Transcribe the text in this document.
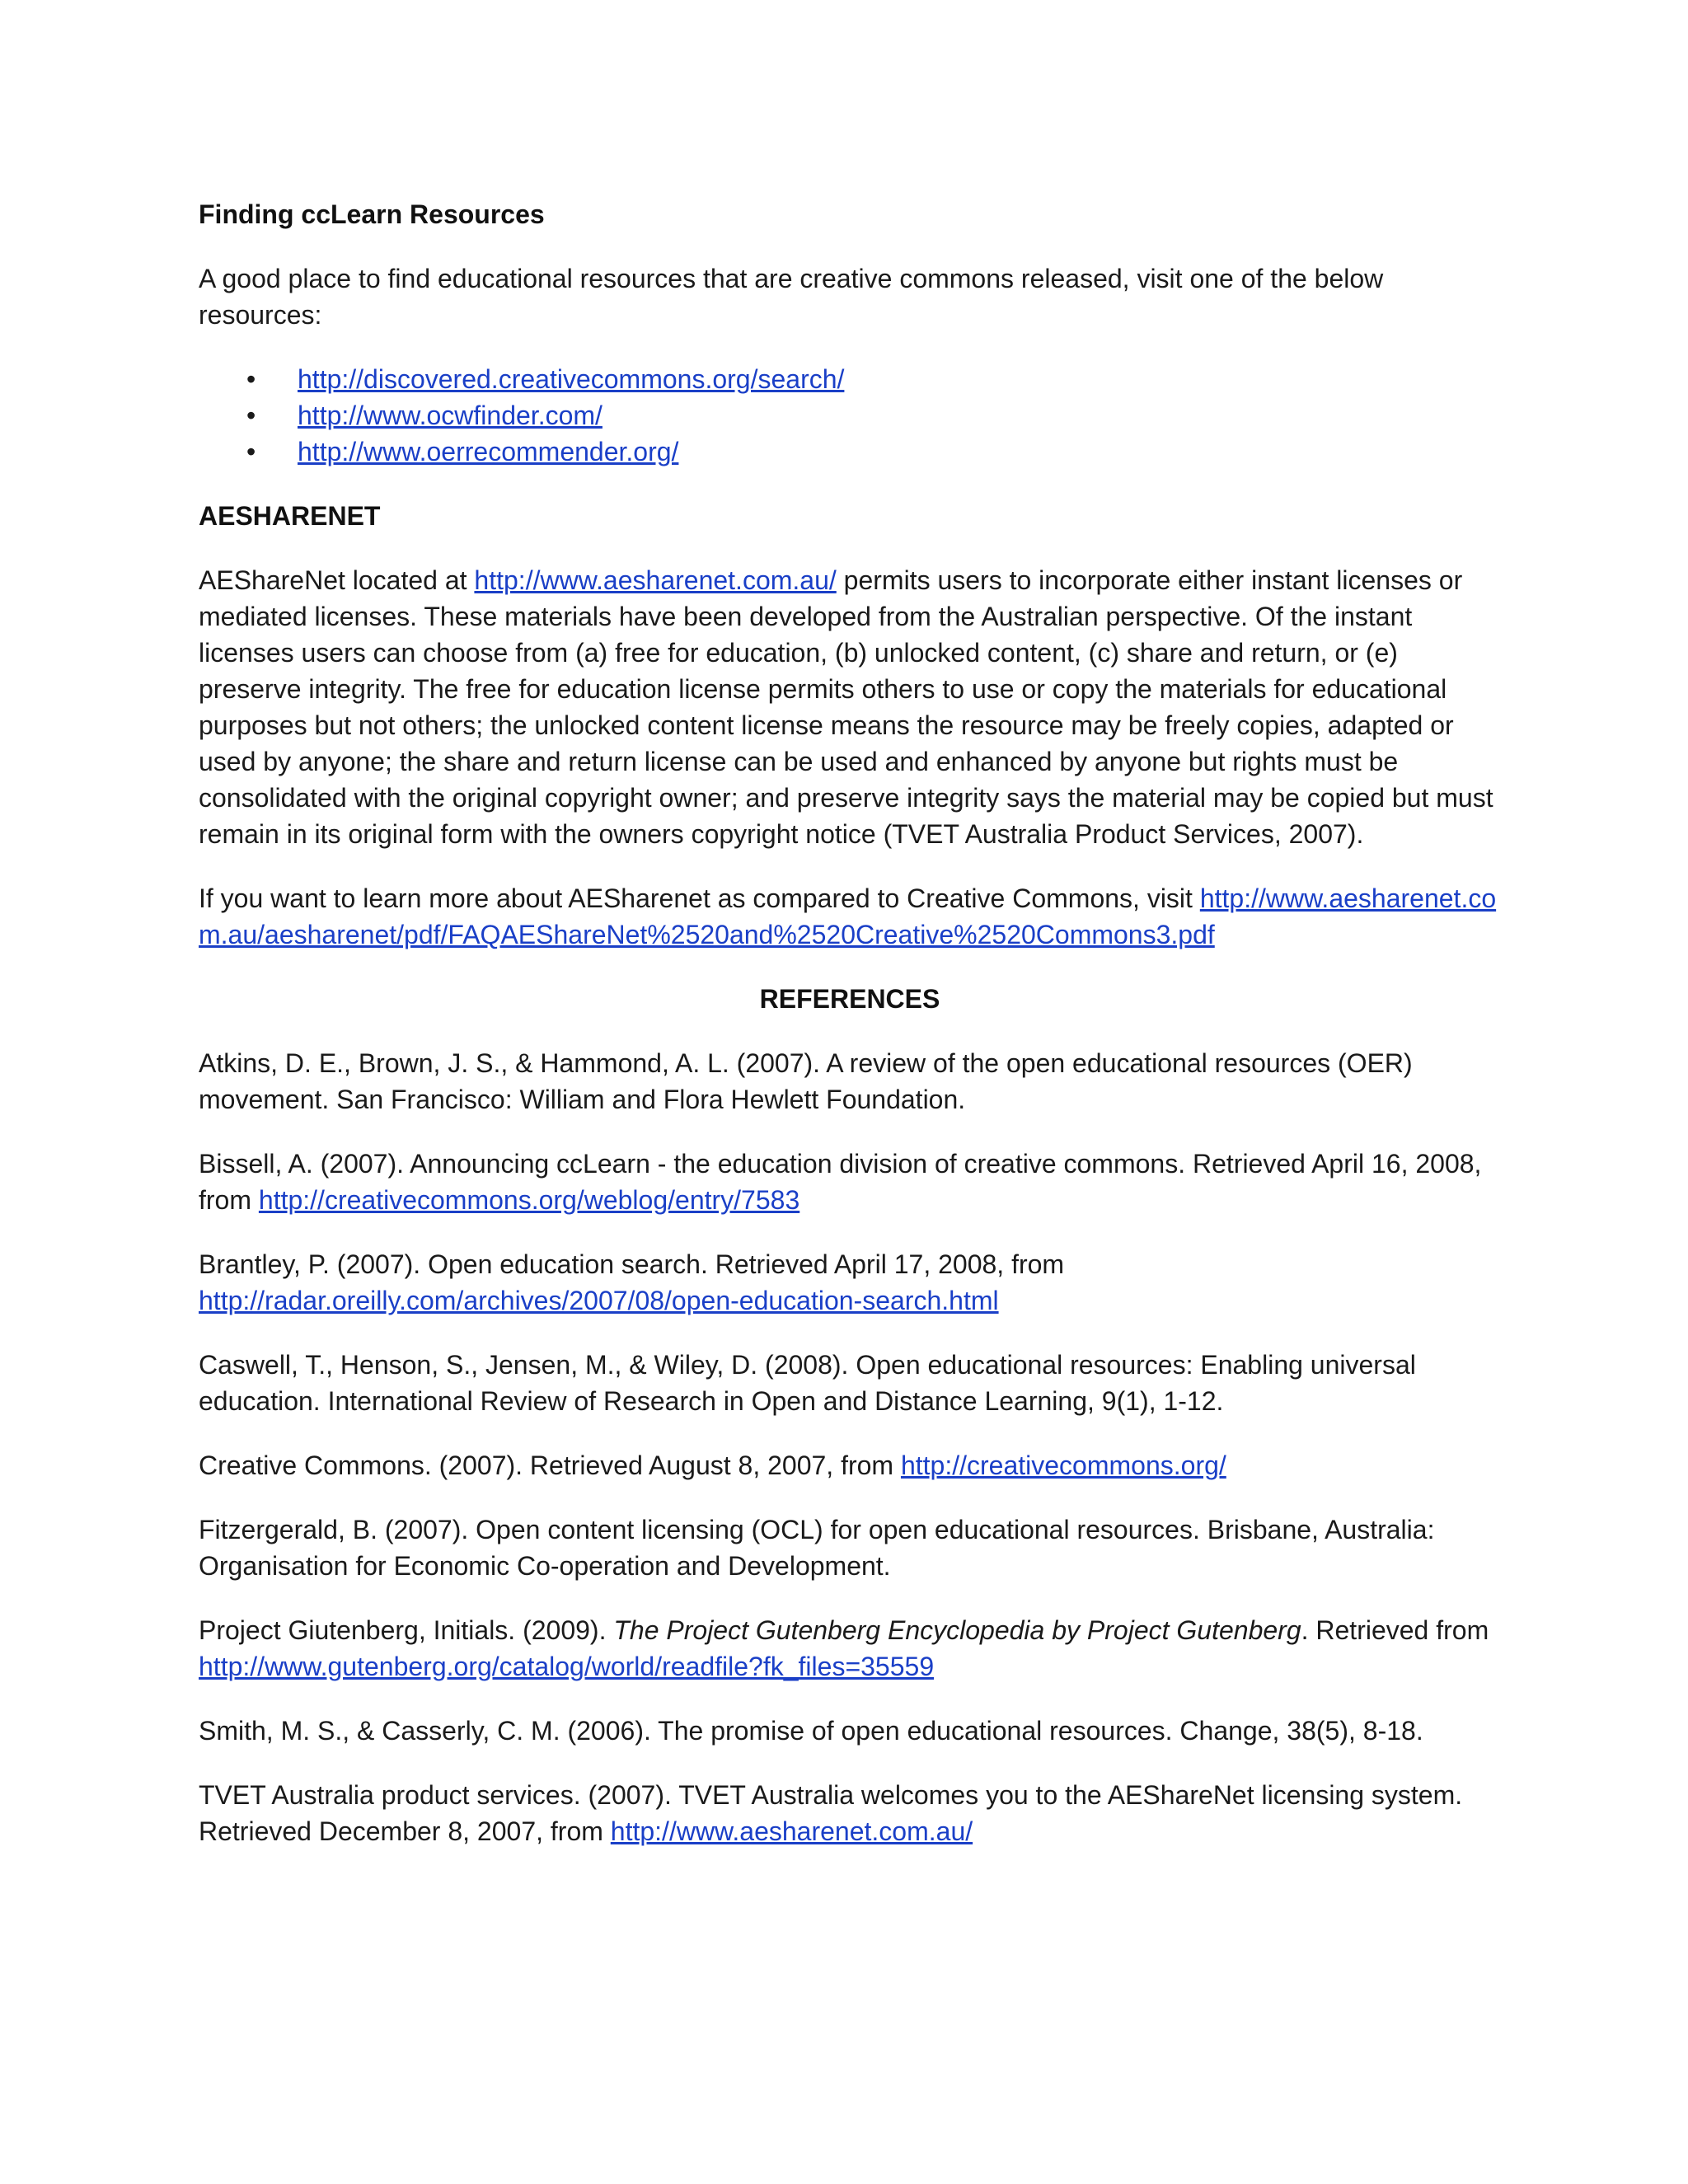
Finding ccLearn Resources

A good place to find educational resources that are creative commons released, visit one of the below resources:

• http://discovered.creativecommons.org/search/
• http://www.ocwfinder.com/
• http://www.oerrecommender.org/
AESHARENET

AEShareNet located at http://www.aesharenet.com.au/ permits users to incorporate either instant licenses or mediated licenses. These materials have been developed from the Australian perspective. Of the instant licenses users can choose from (a) free for education, (b) unlocked content, (c) share and return, or (e) preserve integrity. The free for education license permits others to use or copy the materials for educational purposes but not others; the unlocked content license means the resource may be freely copies, adapted or used by anyone; the share and return license can be used and enhanced by anyone but rights must be consolidated with the original copyright owner; and preserve integrity says the material may be copied but must remain in its original form with the owners copyright notice (TVET Australia Product Services, 2007).

If you want to learn more about AESharenet as compared to Creative Commons, visit http://www.aesharenet.com.au/aesharenet/pdf/FAQAEShareNet%2520and%2520Creative%2520Commons3.pdf

REFERENCES

Atkins, D. E., Brown, J. S., & Hammond, A. L. (2007). A review of the open educational resources (OER) movement. San Francisco: William and Flora Hewlett Foundation.

Bissell, A. (2007). Announcing ccLearn - the education division of creative commons. Retrieved April 16, 2008, from http://creativecommons.org/weblog/entry/7583

Brantley, P. (2007). Open education search. Retrieved April 17, 2008, from http://radar.oreilly.com/archives/2007/08/open-education-search.html

Caswell, T., Henson, S., Jensen, M., & Wiley, D. (2008). Open educational resources: Enabling universal education. International Review of Research in Open and Distance Learning, 9(1), 1-12.

Creative Commons. (2007). Retrieved August 8, 2007, from http://creativecommons.org/

Fitzergerald, B. (2007). Open content licensing (OCL) for open educational resources. Brisbane, Australia: Organisation for Economic Co-operation and Development.

Project Giutenberg, Initials. (2009). The Project Gutenberg Encyclopedia by Project Gutenberg. Retrieved from http://www.gutenberg.org/catalog/world/readfile?fk_files=35559

Smith, M. S., & Casserly, C. M. (2006). The promise of open educational resources. Change, 38(5), 8-18.

TVET Australia product services. (2007). TVET Australia welcomes you to the AEShareNet licensing system. Retrieved December 8, 2007, from http://www.aesharenet.com.au/
